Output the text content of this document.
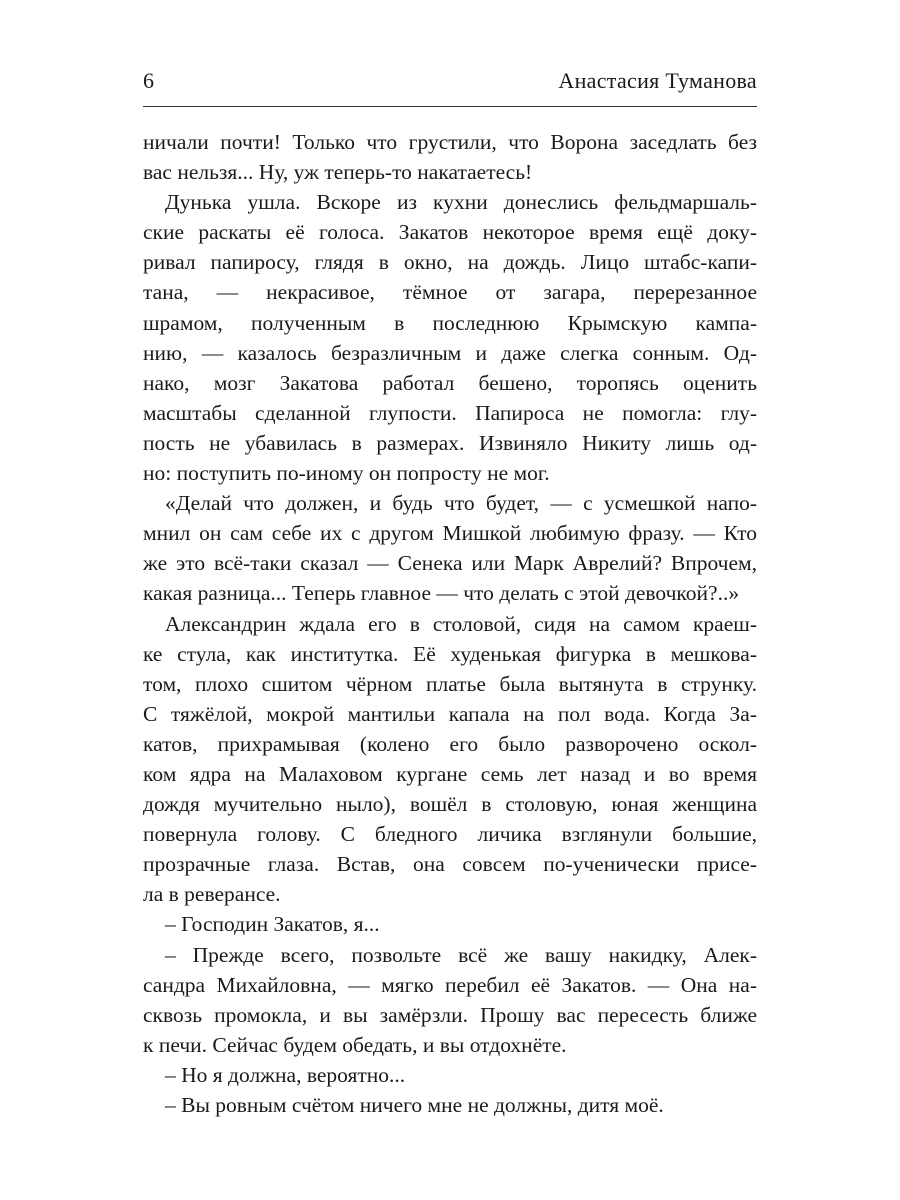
6	Анастасия Туманова
ничали почти! Только что грустили, что Ворона заседлать без
вас нельзя... Ну, уж теперь-то накатаетесь!
Дунька ушла. Вскоре из кухни донеслись фельдмаршаль-
ские раскаты её голоса. Закатов некоторое время ещё доку-
ривал папиросу, глядя в окно, на дождь. Лицо штабс-капи-
тана, — некрасивое, тёмное от загара, перерезанное
шрамом, полученным в последнюю Крымскую кампа-
нию, — казалось безразличным и даже слегка сонным. Од-
нако, мозг Закатова работал бешено, торопясь оценить
масштабы сделанной глупости. Папироса не помогла: глу-
пость не убавилась в размерах. Извиняло Никиту лишь од-
но: поступить по-иному он попросту не мог.
«Делай что должен, и будь что будет, — с усмешкой напо-
мнил он сам себе их с другом Мишкой любимую фразу. — Кто
же это всё-таки сказал — Сенека или Марк Аврелий? Впрочем,
какая разница... Теперь главное — что делать с этой девочкой?..»
Александрин ждала его в столовой, сидя на самом краеш-
ке стула, как институтка. Её худенькая фигурка в мешкова-
том, плохо сшитом чёрном платье была вытянута в струнку.
С тяжёлой, мокрой мантильи капала на пол вода. Когда За-
катов, прихрамывая (колено его было разворочено оскол-
ком ядра на Малаховом кургане семь лет назад и во время
дождя мучительно ныло), вошёл в столовую, юная женщина
повернула голову. С бледного личика взглянули большие,
прозрачные глаза. Встав, она совсем по-ученически присе-
ла в реверансе.
– Господин Закатов, я...
– Прежде всего, позвольте всё же вашу накидку, Алек-
сандра Михайловна, — мягко перебил её Закатов. — Она на-
сквозь промокла, и вы замёрзли. Прошу вас пересесть ближе
к печи. Сейчас будем обедать, и вы отдохнёте.
– Но я должна, вероятно...
– Вы ровным счётом ничего мне не должны, дитя моё.
